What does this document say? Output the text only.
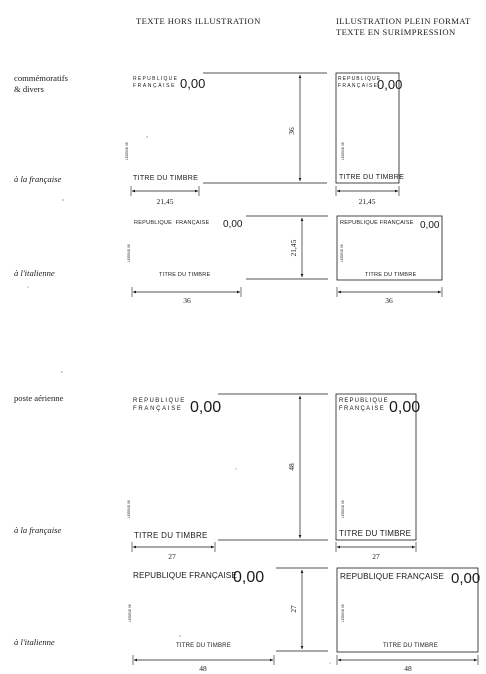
TEXTE HORS ILLUSTRATION	ILLUSTRATION PLEIN FORMAT
TEXTE EN SURIMPRESSION
commémoratifs
& divers
à la française
à l'italienne
poste aérienne
à la française
à l'italienne
REPUBLIQUE
FRANÇAISE 0,00
LEGEND 98
TITRE DU TIMBRE
36
21,45
REPUBLIQUE
FRANÇAISE
0,00
LEGEND 98
TITRE DU TIMBRE
21,45
REPUBLIQUE  FRANÇAISE 0,00
LEGEND 98
TITRE DU TIMBRE
21,45
36
REPUBLIQUE FRANÇAISE 0,00
LEGEND 98
TITRE DU TIMBRE
36
REPUBLIQUE
FRANÇAISE 0,00
LEGEND 98
TITRE DU TIMBRE
48
27
REPUBLIQUE
FRANÇAISE 0,00
LEGEND 98
TITRE DU TIMBRE
27
REPUBLIQUE FRANÇAISE
0,00
LEGEND 98
TITRE DU TIMBRE
27
48
REPUBLIQUE FRANÇAISE 0,00
LEGEND 98
TITRE DU TIMBRE
48
